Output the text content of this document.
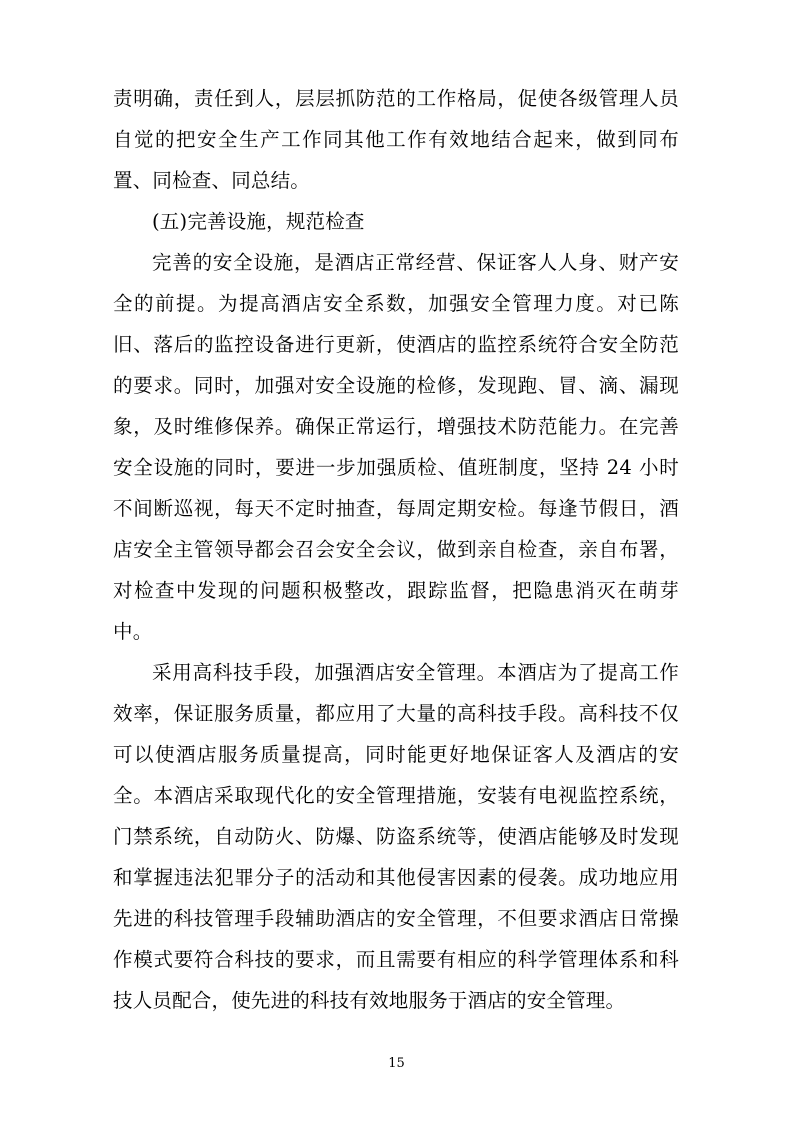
责明确，责任到人，层层抓防范的工作格局，促使各级管理人员自觉的把安全生产工作同其他工作有效地结合起来，做到同布置、同检查、同总结。

(五)完善设施，规范检查

完善的安全设施，是酒店正常经营、保证客人人身、财产安全的前提。为提高酒店安全系数，加强安全管理力度。对已陈旧、落后的监控设备进行更新，使酒店的监控系统符合安全防范的要求。同时，加强对安全设施的检修，发现跑、冒、滴、漏现象，及时维修保养。确保正常运行，增强技术防范能力。在完善安全设施的同时，要进一步加强质检、值班制度，坚持 24 小时不间断巡视，每天不定时抽查，每周定期安检。每逢节假日，酒店安全主管领导都会召会安全会议，做到亲自检查，亲自布署，对检查中发现的问题积极整改，跟踪监督，把隐患消灭在萌芽中。

采用高科技手段，加强酒店安全管理。本酒店为了提高工作效率，保证服务质量，都应用了大量的高科技手段。高科技不仅可以使酒店服务质量提高，同时能更好地保证客人及酒店的安全。本酒店采取现代化的安全管理措施，安装有电视监控系统，门禁系统，自动防火、防爆、防盗系统等，使酒店能够及时发现和掌握违法犯罪分子的活动和其他侵害因素的侵袭。成功地应用先进的科技管理手段辅助酒店的安全管理，不但要求酒店日常操作模式要符合科技的要求，而且需要有相应的科学管理体系和科技人员配合，使先进的科技有效地服务于酒店的安全管理。

15
